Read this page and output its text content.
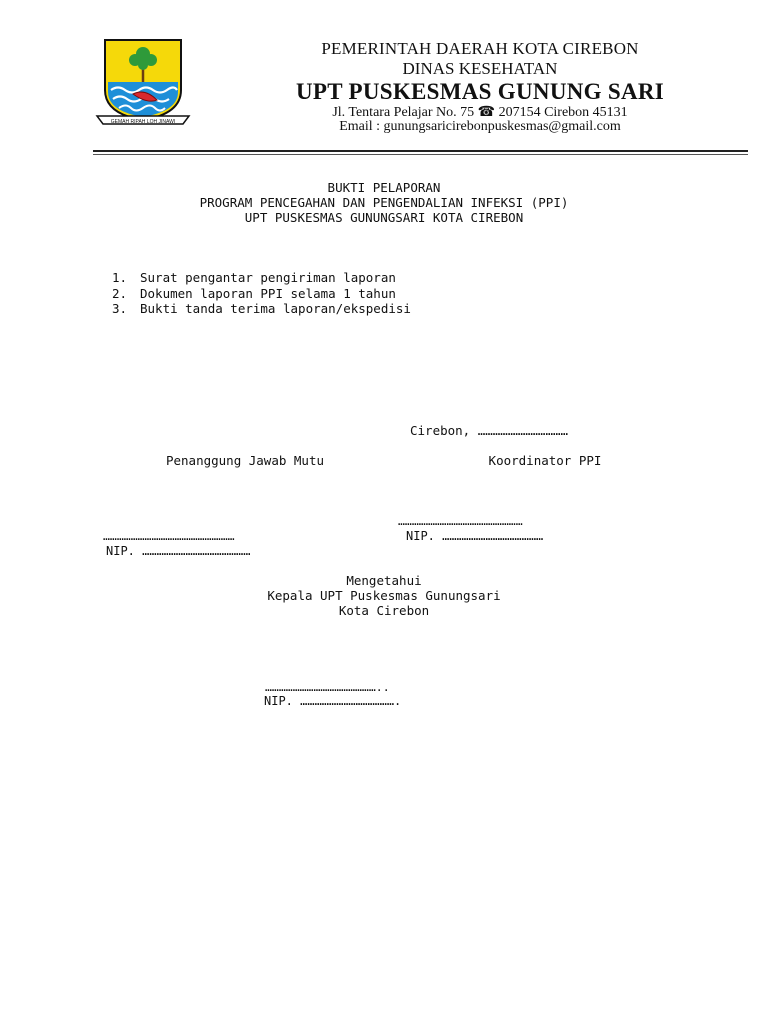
GEMAH RIPAH LOH JINAWI
PEMERINTAH DAERAH KOTA CIREBON
DINAS KESEHATAN
UPT PUSKESMAS GUNUNG SARI
Jl. Tentara Pelajar No. 75 ☎ 207154 Cirebon 45131
Email : gunungsaricirebonpuskesmas@gmail.com
BUKTI PELAPORAN
PROGRAM PENCEGAHAN DAN PENGENDALIAN INFEKSI (PPI)
UPT PUSKESMAS GUNUNGSARI KOTA CIREBON
1. Surat pengantar pengiriman laporan
2. Dokumen laporan PPI selama 1 tahun
3. Bukti tanda terima laporan/ekspedisi
Cirebon, ………………………………
Penanggung Jawab Mutu	Koordinator PPI
………………………………………………
…………………………………………………	NIP. ……………………………………
NIP. ………………………………………
Mengetahui
Kepala UPT Puskesmas Gunungsari
Kota Cirebon
…………………………………………..
NIP. ………………………………….
